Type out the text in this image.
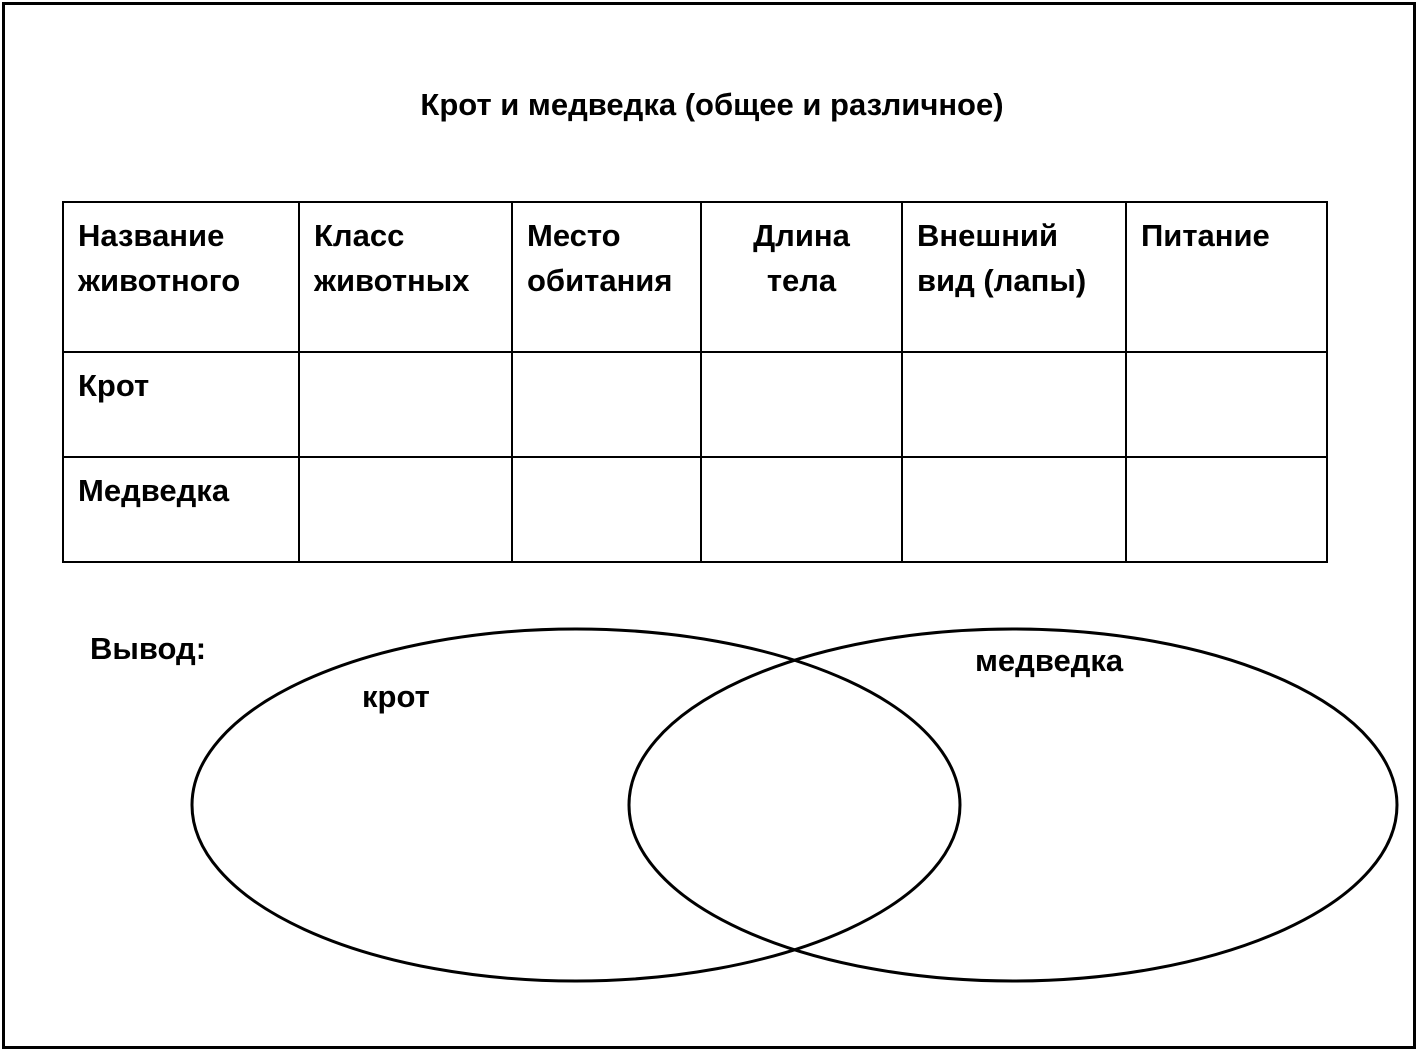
Крот и медведка (общее и различное)
Название животного	Класс животных	Место обитания	Длина тела	Внешний вид (лапы)	Питание
Крот					
Медведка					
Вывод:
крот
медведка
